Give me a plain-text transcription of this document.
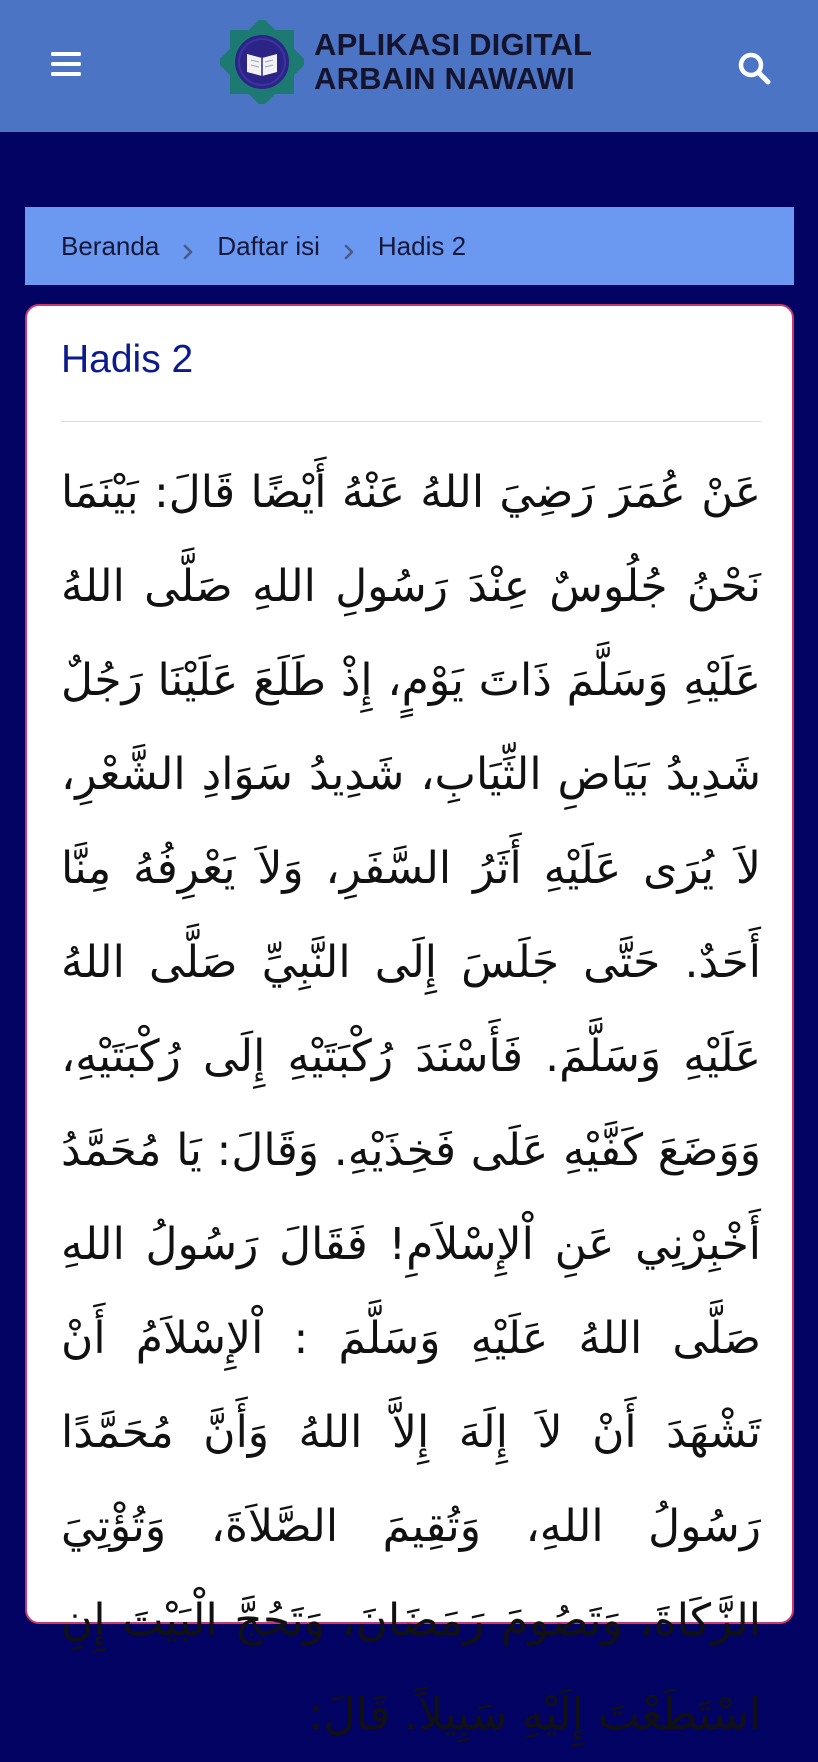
APLIKASI DIGITAL
ARBAIN NAWAWI
Beranda Daftar isi Hadis 2
Hadis 2

عَنْ عُمَرَ رَضِيَ اللهُ عَنْهُ أَيْضًا قَالَ: بَيْنَمَا نَحْنُ جُلُوسٌ عِنْدَ رَسُولِ اللهِ صَلَّى اللهُ عَلَيْهِ وَسَلَّمَ ذَاتَ يَوْمٍ، إِذْ طَلَعَ عَلَيْنَا رَجُلٌ شَدِيدُ بَيَاضِ الثِّيَابِ، شَدِيدُ سَوَادِ الشَّعْرِ، لاَ يُرَى عَلَيْهِ أَثَرُ السَّفَرِ، وَلاَ يَعْرِفُهُ مِنَّا أَحَدٌ. حَتَّى جَلَسَ إِلَى النَّبِيِّ صَلَّى اللهُ عَلَيْهِ وَسَلَّمَ. فَأَسْنَدَ رُكْبَتَيْهِ إِلَى رُكْبَتَيْهِ، وَوَضَعَ كَفَّيْهِ عَلَى فَخِذَيْهِ. وَقَالَ: يَا مُحَمَّدُ أَخْبِرْنِي عَنِ اْلإِسْلاَمِ! فَقَالَ رَسُولُ اللهِ صَلَّى اللهُ عَلَيْهِ وَسَلَّمَ : اْلإِسْلاَمُ أَنْ تَشْهَدَ أَنْ لاَ إِلَهَ إِلاَّ اللهُ وَأَنَّ مُحَمَّدًا رَسُولُ اللهِ، وَتُقِيمَ الصَّلاَةَ، وَتُؤْتِيَ الزَّكَاةَ، وَتَصُومَ رَمَضَانَ، وَتَحُجَّ الْبَيْتَ إِنِ اسْتَطَعْتَ إِلَيْهِ سَبِيلاً. قَالَ:
